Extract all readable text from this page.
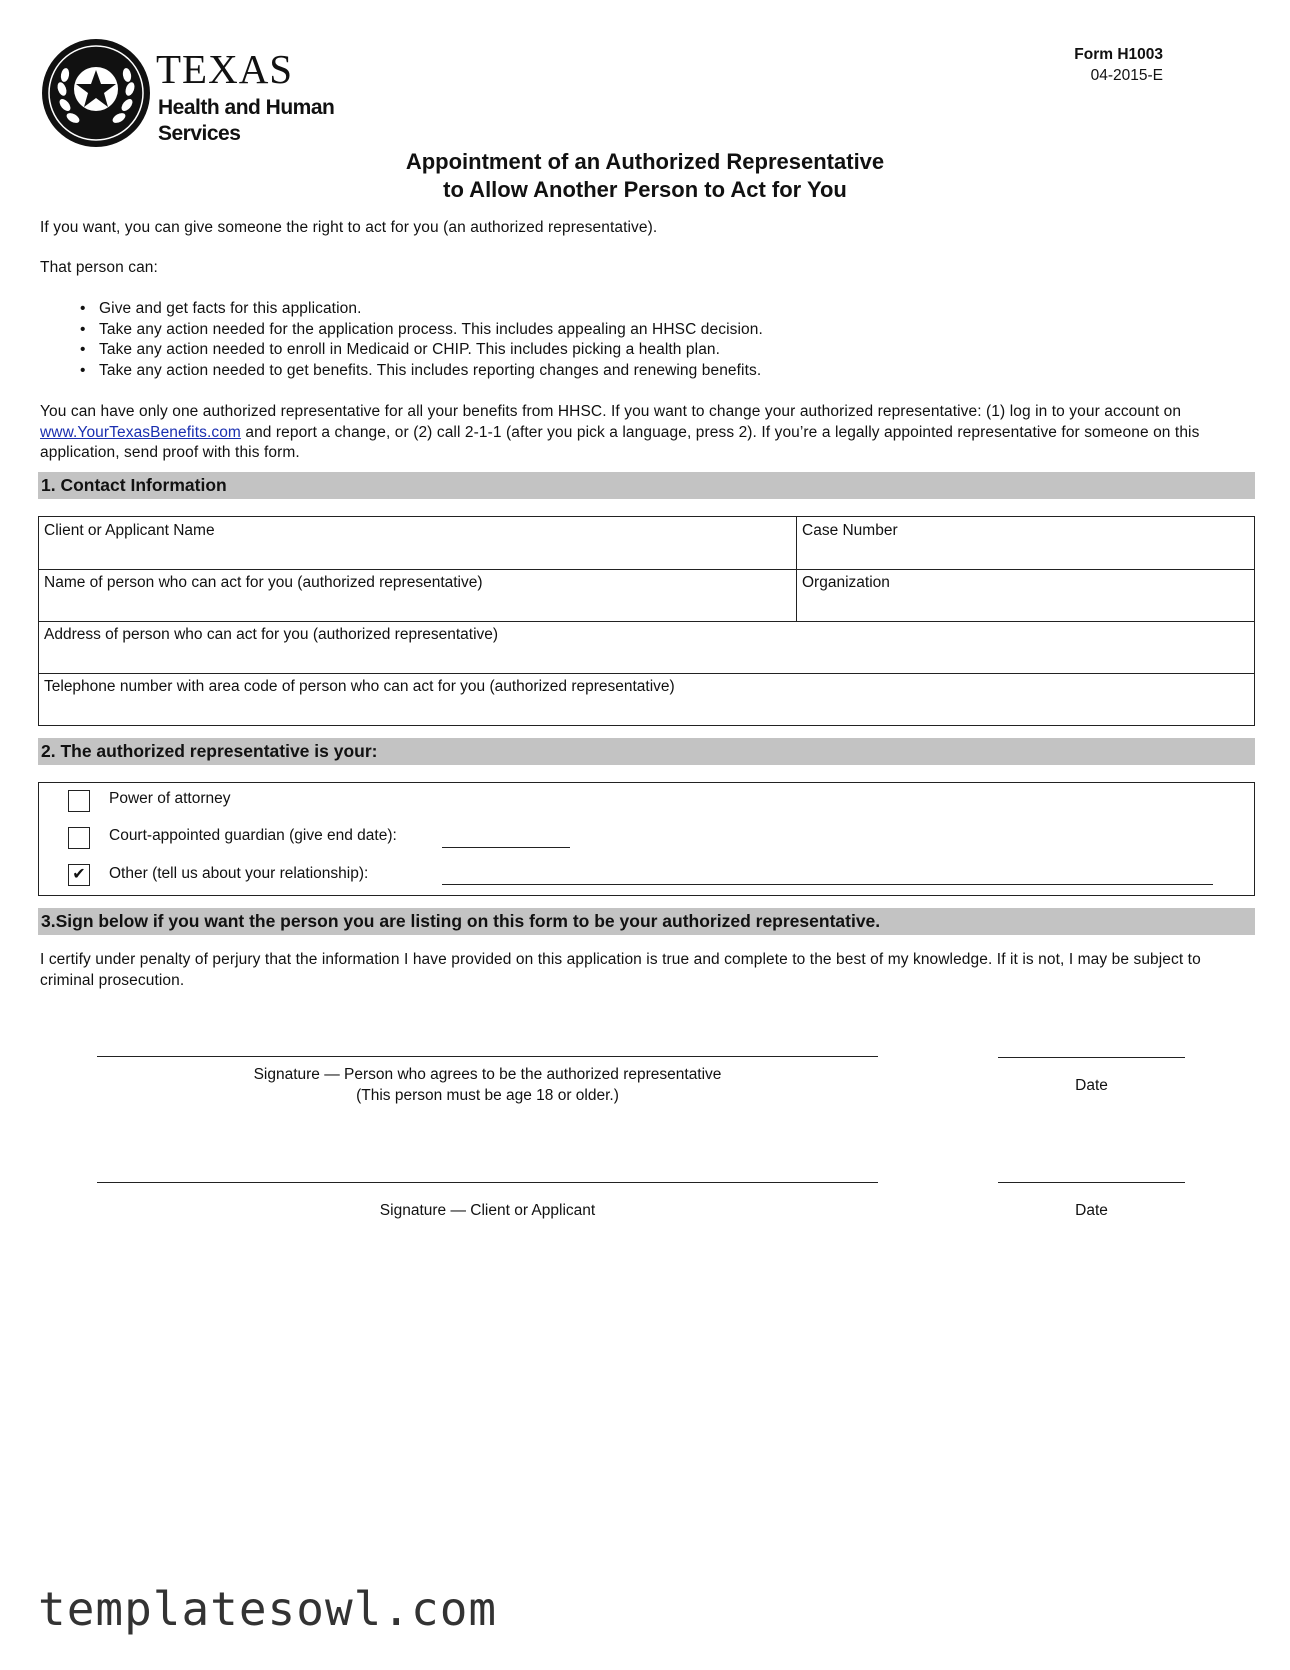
TEXAS
Health and Human
Services
Form H1003
04-2015-E
Appointment of an Authorized Representative
to Allow Another Person to Act for You
If you want, you can give someone the right to act for you (an authorized representative).
That person can:
• Give and get facts for this application.
• Take any action needed for the application process. This includes appealing an HHSC decision.
• Take any action needed to enroll in Medicaid or CHIP. This includes picking a health plan.
• Take any action needed to get benefits. This includes reporting changes and renewing benefits.
You can have only one authorized representative for all your benefits from HHSC. If you want to change your authorized representative: (1) log in to your account on www.YourTexasBenefits.com and report a change, or (2) call 2-1-1 (after you pick a language, press 2). If you’re a legally appointed representative for someone on this application, send proof with this form.
1. Contact Information
Client or Applicant Name	Case Number
Name of person who can act for you (authorized representative)	Organization
Address of person who can act for you (authorized representative)
Telephone number with area code of person who can act for you (authorized representative)
2. The authorized representative is your:
Power of attorney
Court-appointed guardian (give end date):
✔ Other (tell us about your relationship):
3.Sign below if you want the person you are listing on this form to be your authorized representative.
I certify under penalty of perjury that the information I have provided on this application is true and complete to the best of my knowledge. If it is not, I may be subject to criminal prosecution.
Signature — Person who agrees to be the authorized representative
(This person must be age 18 or older.)
Date
Signature — Client or Applicant	Date
templatesowl.com
